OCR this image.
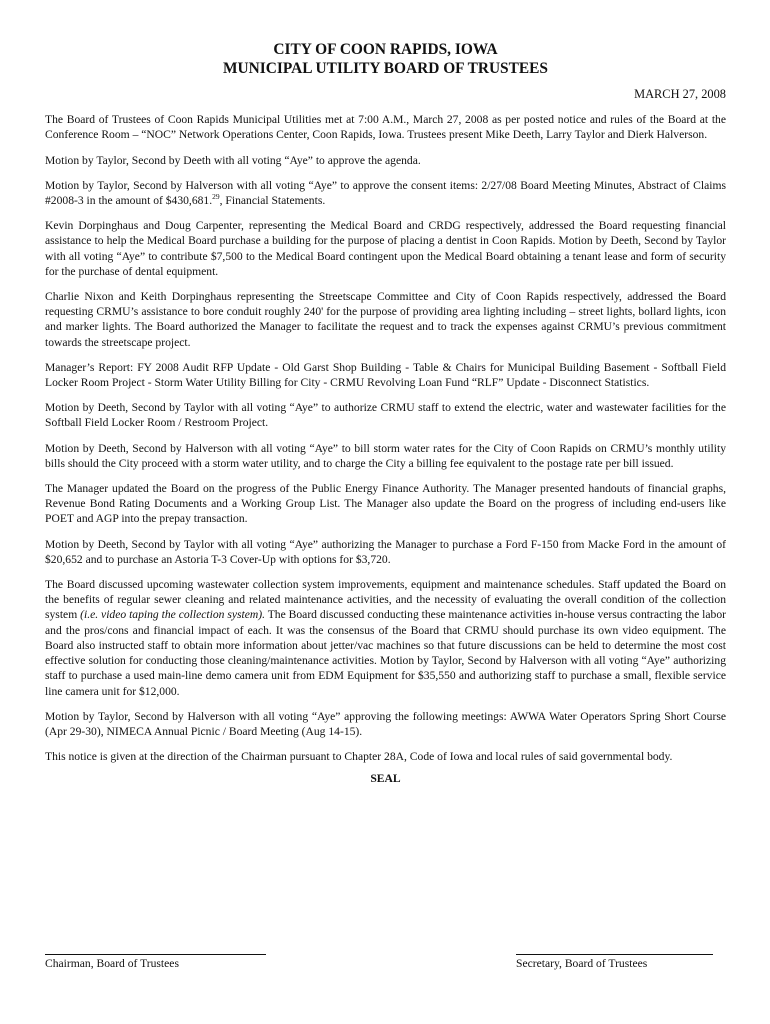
CITY OF COON RAPIDS, IOWA
MUNICIPAL UTILITY BOARD OF TRUSTEES
MARCH 27, 2008

The Board of Trustees of Coon Rapids Municipal Utilities met at 7:00 A.M., March 27, 2008 as per posted notice and rules of the Board at the Conference Room – “NOC” Network Operations Center, Coon Rapids, Iowa. Trustees present Mike Deeth, Larry Taylor and Dierk Halverson.

Motion by Taylor, Second by Deeth with all voting “Aye” to approve the agenda.

Motion by Taylor, Second by Halverson with all voting “Aye” to approve the consent items: 2/27/08 Board Meeting Minutes, Abstract of Claims #2008-3 in the amount of $430,681.29, Financial Statements.

Kevin Dorpinghaus and Doug Carpenter, representing the Medical Board and CRDG respectively, addressed the Board requesting financial assistance to help the Medical Board purchase a building for the purpose of placing a dentist in Coon Rapids. Motion by Deeth, Second by Taylor with all voting “Aye” to contribute $7,500 to the Medical Board contingent upon the Medical Board obtaining a tenant lease and form of security for the purchase of dental equipment.

Charlie Nixon and Keith Dorpinghaus representing the Streetscape Committee and City of Coon Rapids respectively, addressed the Board requesting CRMU’s assistance to bore conduit roughly 240' for the purpose of providing area lighting including – street lights, bollard lights, icon and marker lights. The Board authorized the Manager to facilitate the request and to track the expenses against CRMU’s previous commitment towards the streetscape project.

Manager’s Report: FY 2008 Audit RFP Update - Old Garst Shop Building - Table & Chairs for Municipal Building Basement - Softball Field Locker Room Project - Storm Water Utility Billing for City - CRMU Revolving Loan Fund “RLF” Update - Disconnect Statistics.

Motion by Deeth, Second by Taylor with all voting “Aye” to authorize CRMU staff to extend the electric, water and wastewater facilities for the Softball Field Locker Room / Restroom Project.

Motion by Deeth, Second by Halverson with all voting “Aye” to bill storm water rates for the City of Coon Rapids on CRMU’s monthly utility bills should the City proceed with a storm water utility, and to charge the City a billing fee equivalent to the postage rate per bill issued.

The Manager updated the Board on the progress of the Public Energy Finance Authority. The Manager presented handouts of financial graphs, Revenue Bond Rating Documents and a Working Group List. The Manager also update the Board on the progress of including end-users like POET and AGP into the prepay transaction.

Motion by Deeth, Second by Taylor with all voting “Aye” authorizing the Manager to purchase a Ford F-150 from Macke Ford in the amount of $20,652 and to purchase an Astoria T-3 Cover-Up with options for $3,720.

The Board discussed upcoming wastewater collection system improvements, equipment and maintenance schedules. Staff updated the Board on the benefits of regular sewer cleaning and related maintenance activities, and the necessity of evaluating the overall condition of the collection system (i.e. video taping the collection system). The Board discussed conducting these maintenance activities in-house versus contracting the labor and the pros/cons and financial impact of each. It was the consensus of the Board that CRMU should purchase its own video equipment. The Board also instructed staff to obtain more information about jetter/vac machines so that future discussions can be held to determine the most cost effective solution for conducting those cleaning/maintenance activities. Motion by Taylor, Second by Halverson with all voting “Aye” authorizing staff to purchase a used main-line demo camera unit from EDM Equipment for $35,550 and authorizing staff to purchase a small, flexible service line camera unit for $12,000.

Motion by Taylor, Second by Halverson with all voting “Aye” approving the following meetings: AWWA Water Operators Spring Short Course (Apr 29-30), NIMECA Annual Picnic / Board Meeting (Aug 14-15).

This notice is given at the direction of the Chairman pursuant to Chapter 28A, Code of Iowa and local rules of said governmental body.

SEAL
Chairman, Board of Trustees	Secretary, Board of Trustees
